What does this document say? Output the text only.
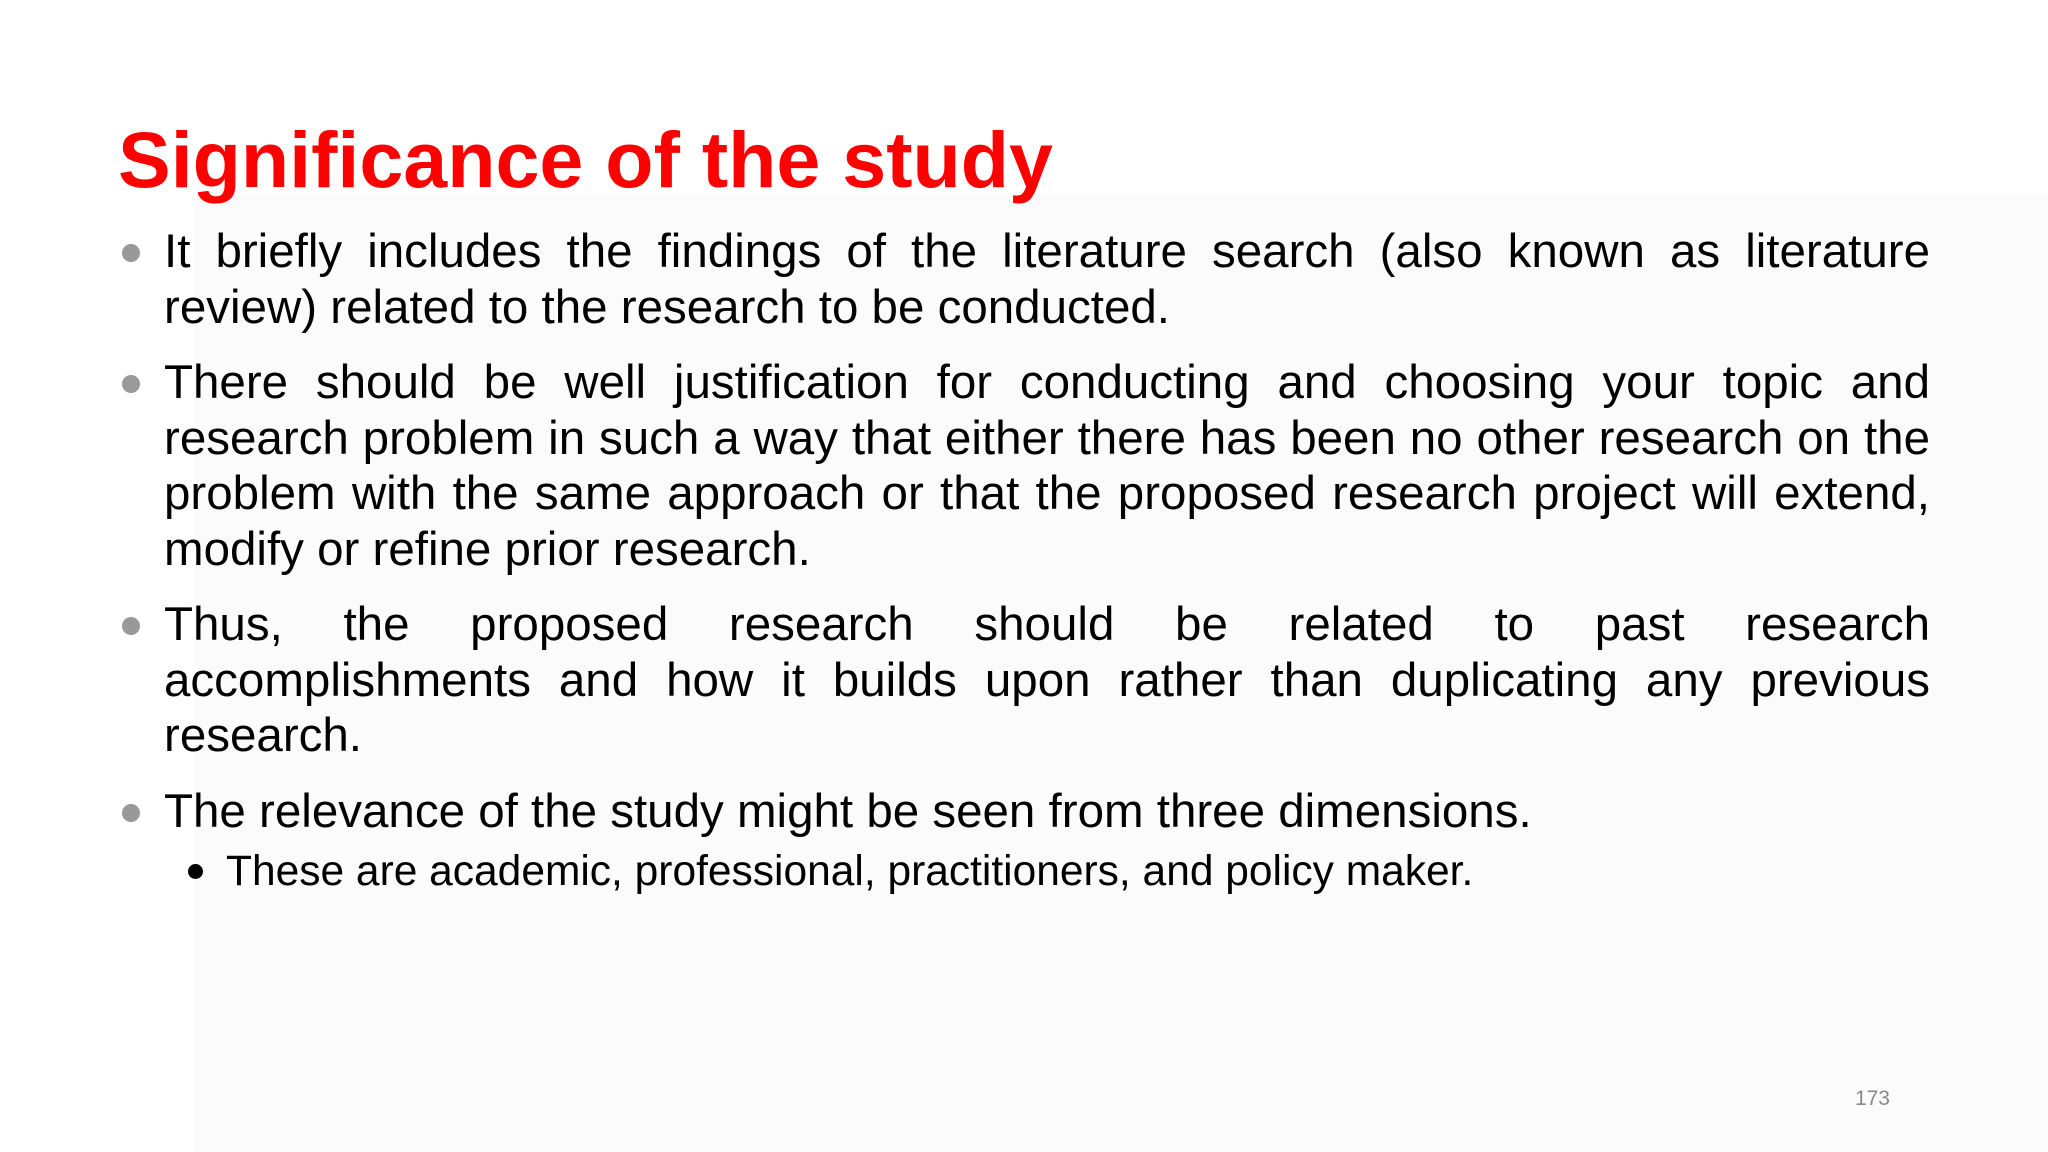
Significance of the study
It briefly includes the findings of the literature search (also known as literature review) related to the research to be conducted.
There should be well justification for conducting and choosing your topic and research problem in such a way that either there has been no other research on the problem with the same approach or that the proposed research project will extend, modify or refine prior research.
Thus, the proposed research should be related to past research
accomplishments and how it builds upon rather than duplicating any previous research.
The relevance of the study might be seen from three dimensions.
These are academic, professional, practitioners, and policy maker.
173
